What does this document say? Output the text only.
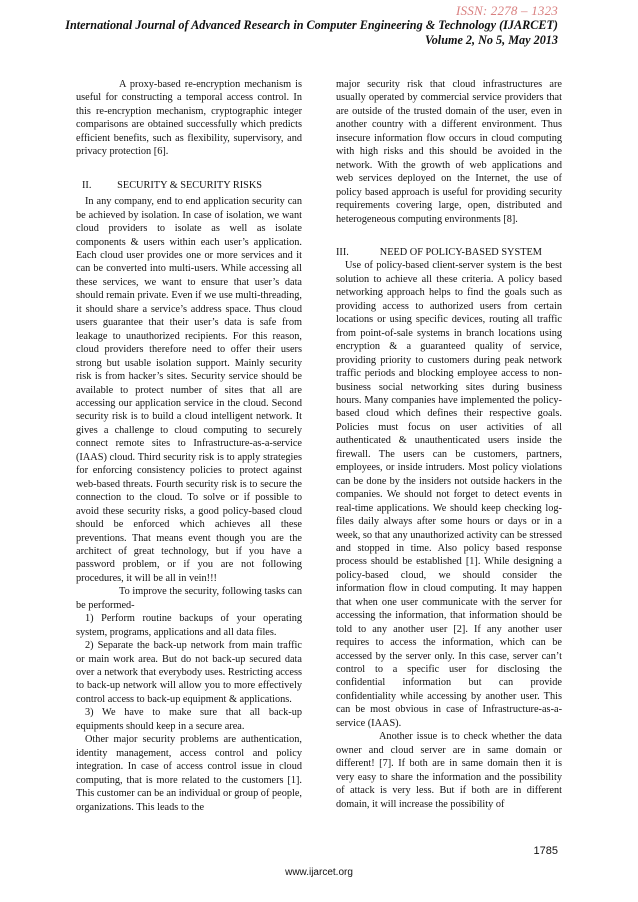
ISSN: 2278 – 1323
International Journal of Advanced Research in Computer Engineering & Technology (IJARCET)
Volume 2, No 5, May 2013

A proxy-based re-encryption mechanism is useful for constructing a temporal access control. In this re-encryption mechanism, cryptographic integer comparisons are obtained successfully which predicts efficient benefits, such as flexibility, supervisory, and privacy protection [6].

II.          SECURITY & SECURITY RISKS

In any company, end to end application security can be achieved by isolation. In case of isolation, we want cloud providers to isolate as well as isolate components & users within each user’s application. Each cloud user provides one or more services and it can be converted into multi-users. While accessing all these services, we want to ensure that user’s data should remain private. Even if we use multi-threading, it should share a service’s address space. Thus cloud users guarantee that their user’s data is safe from leakage to unauthorized recipients. For this reason, cloud providers therefore need to offer their users strong but usable isolation support. Mainly security risk is from hacker’s sites. Security service should be available to protect number of sites that all are accessing our application service in the cloud. Second security risk is to build a cloud intelligent network. It gives a challenge to cloud computing to securely connect remote sites to Infrastructure-as-a-service (IAAS) cloud. Third security risk is to apply strategies for enforcing consistency policies to protect against web-based threats. Fourth security risk is to secure the connection to the cloud. To solve or if possible to avoid these security risks, a good policy-based cloud should be enforced which achieves all these preventions. That means event though you are the architect of great technology, but if you have a password problem, or if you are not following procedures, it will be all in vein!!!

To improve the security, following tasks can be performed-

1) Perform routine backups of your operating system, programs, applications and all data files.

2) Separate the back-up network from main traffic or main work area. But do not back-up secured data over a network that everybody uses. Restricting access to back-up network will allow you to more effectively control access to back-up equipment & applications.

3) We have to make sure that all back-up equipments should keep in a secure area.

Other major security problems are authentication, identity management, access control and policy integration. In case of access control issue in cloud computing, that is more related to the customers [1]. This customer can be an individual or group of people, organizations. This leads to the

major security risk that cloud infrastructures are usually operated by commercial service providers that are outside of the trusted domain of the user, even in another country with a different environment. Thus insecure information flow occurs in cloud computing with high risks and this should be avoided in the network. With the growth of web applications and web services deployed on the Internet, the use of policy based approach is useful for providing security requirements covering large, open, distributed and heterogeneous computing environments [8].

III.            NEED OF POLICY-BASED SYSTEM

Use of policy-based client-server system is the best solution to achieve all these criteria. A policy based networking approach helps to find the goals such as providing access to authorized users from certain locations or using specific devices, routing all traffic from point-of-sale systems in branch locations using encryption & a guaranteed quality of service, providing priority to customers during peak network traffic periods and blocking employee access to non-business social networking sites during business hours. Many companies have implemented the policy-based cloud which defines their respective goals. Policies must focus on user activities of all authenticated & unauthenticated users inside the firewall. The users can be customers, partners, employees, or inside intruders. Most policy violations can be done by the insiders not outside hackers in the companies. We should not forget to detect events in real-time applications. We should keep checking log-files daily always after some hours or days or in a week, so that any unauthorized activity can be stressed and stopped in time. Also policy based response process should be established [1]. While designing a policy-based cloud, we should consider the information flow in cloud computing. It may happen that when one user communicate with the server for accessing the information, that information should be told to any another user [2]. If any another user requires to access the information, which can be accessed by the server only. In this case, server can’t control to a specific user for disclosing the confidential information but can provide confidentiality while accessing by another user. This can be most obvious in case of Infrastructure-as-a-service (IAAS).

Another issue is to check whether the data owner and cloud server are in same domain or different! [7]. If both are in same domain then it is very easy to share the information and the possibility of attack is very less. But if both are in different domain, it will increase the possibility of

1785
www.ijarcet.org
